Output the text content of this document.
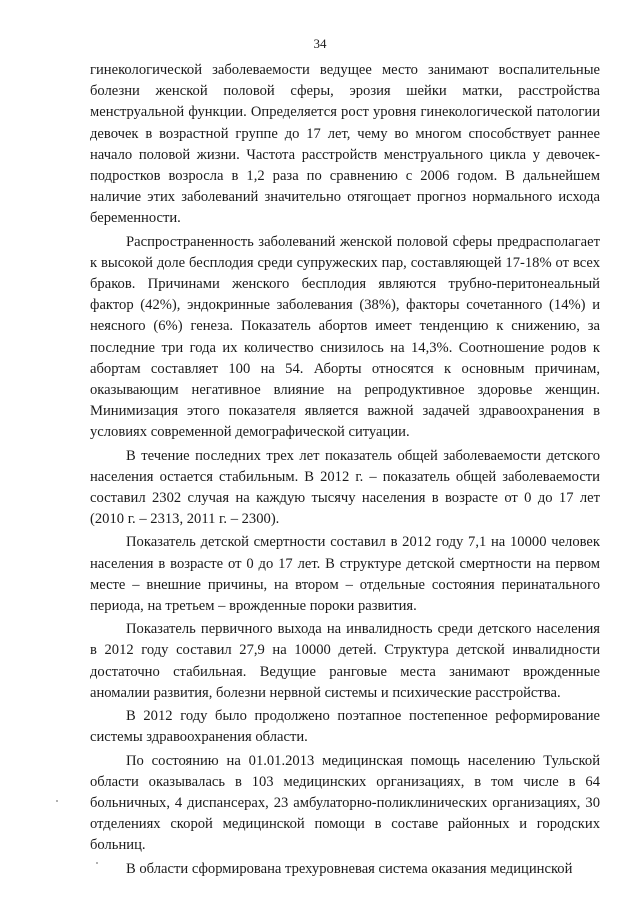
34

гинекологической заболеваемости ведущее место занимают воспалительные болезни женской половой сферы, эрозия шейки матки, расстройства менструальной функции. Определяется рост уровня гинекологической патологии девочек в возрастной группе до 17 лет, чему во многом способствует раннее начало половой жизни. Частота расстройств менструального цикла у девочек-подростков возросла в 1,2 раза по сравнению с 2006 годом. В дальнейшем наличие этих заболеваний значительно отягощает прогноз нормального исхода беременности.

Распространенность заболеваний женской половой сферы предрасполагает к высокой доле бесплодия среди супружеских пар, составляющей 17-18% от всех браков. Причинами женского бесплодия являются трубно-перитонеальный фактор (42%), эндокринные заболевания (38%), факторы сочетанного (14%) и неясного (6%) генеза. Показатель абортов имеет тенденцию к снижению, за последние три года их количество снизилось на 14,3%. Соотношение родов к абортам составляет 100 на 54. Аборты относятся к основным причинам, оказывающим негативное влияние на репродуктивное здоровье женщин. Минимизация этого показателя является важной задачей здравоохранения в условиях современной демографической ситуации.

В течение последних трех лет показатель общей заболеваемости детского населения остается стабильным. В 2012 г. – показатель общей заболеваемости составил 2302 случая на каждую тысячу населения в возрасте от 0 до 17 лет (2010 г. – 2313, 2011 г. – 2300).

Показатель детской смертности составил в 2012 году 7,1 на 10000 человек населения в возрасте от 0 до 17 лет. В структуре детской смертности на первом месте – внешние причины, на втором – отдельные состояния перинатального периода, на третьем – врожденные пороки развития.

Показатель первичного выхода на инвалидность среди детского населения в 2012 году составил 27,9 на 10000 детей. Структура детской инвалидности достаточно стабильная. Ведущие ранговые места занимают врожденные аномалии развития, болезни нервной системы и психические расстройства.

В 2012 году было продолжено поэтапное постепенное реформирование системы здравоохранения области.

По состоянию на 01.01.2013 медицинская помощь населению Тульской области оказывалась в 103 медицинских организациях, в том числе в 64 больничных, 4 диспансерах, 23 амбулаторно-поликлинических организациях, 30 отделениях скорой медицинской помощи в составе районных и городских больниц.

В области сформирована трехуровневая система оказания медицинской
